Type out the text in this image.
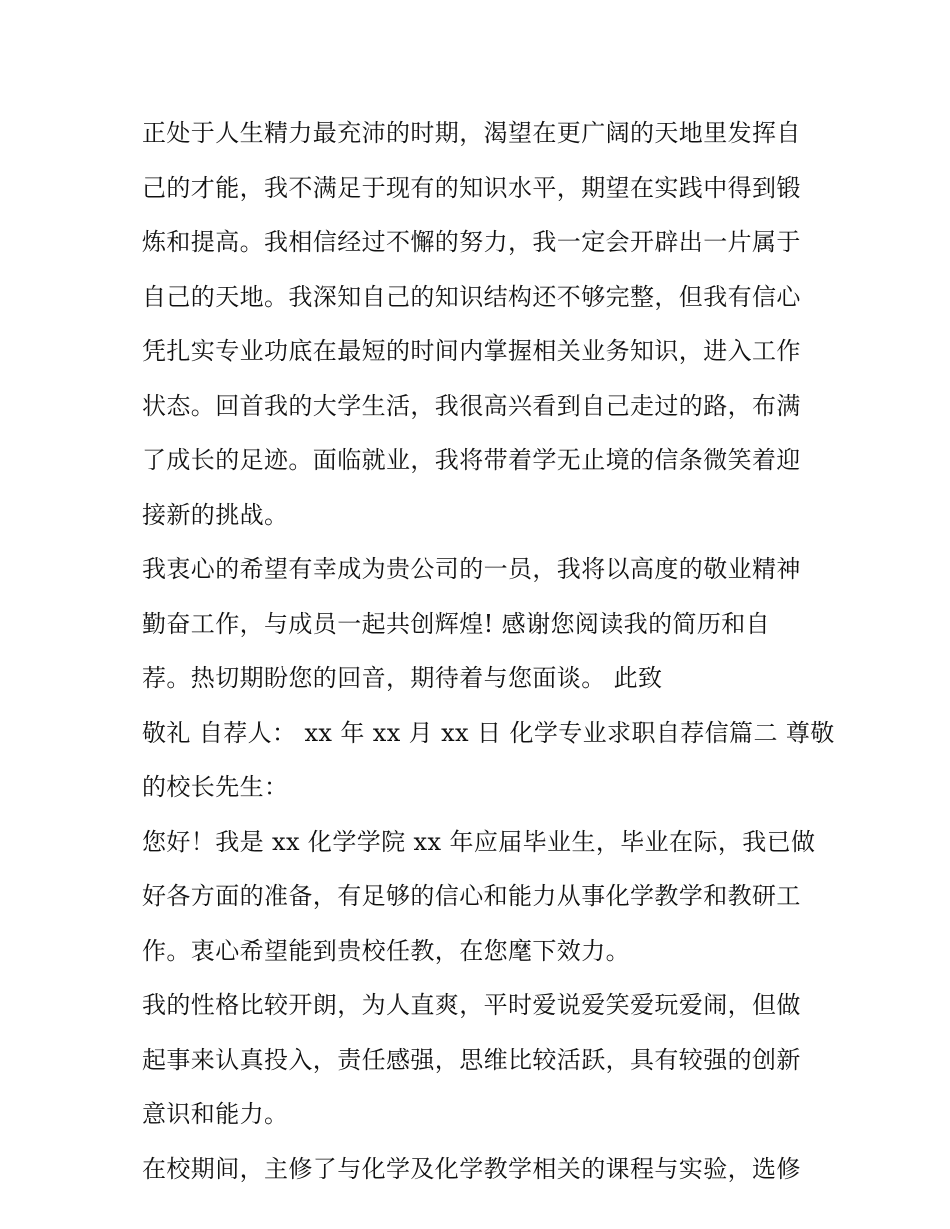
正处于人生精力最充沛的时期，渴望在更广阔的天地里发挥自
己的才能，我不满足于现有的知识水平，期望在实践中得到锻
炼和提高。我相信经过不懈的努力，我一定会开辟出一片属于
自己的天地。我深知自己的知识结构还不够完整，但我有信心
凭扎实专业功底在最短的时间内掌握相关业务知识，进入工作
状态。回首我的大学生活，我很高兴看到自己走过的路，布满
了成长的足迹。面临就业，我将带着学无止境的信条微笑着迎
接新的挑战。
我衷心的希望有幸成为贵公司的一员，我将以高度的敬业精神
勤奋工作，与成员一起共创辉煌! 感谢您阅读我的简历和自
荐。热切期盼您的回音，期待着与您面谈。 此致
敬礼 自荐人： xx 年 xx 月 xx 日 化学专业求职自荐信篇二 尊敬
的校长先生：
您好！我是 xx 化学学院 xx 年应届毕业生，毕业在际，我已做
好各方面的准备，有足够的信心和能力从事化学教学和教研工
作。衷心希望能到贵校任教，在您麾下效力。
我的性格比较开朗，为人直爽，平时爱说爱笑爱玩爱闹，但做
起事来认真投入，责任感强，思维比较活跃，具有较强的创新
意识和能力。
在校期间，主修了与化学及化学教学相关的课程与实验，选修
